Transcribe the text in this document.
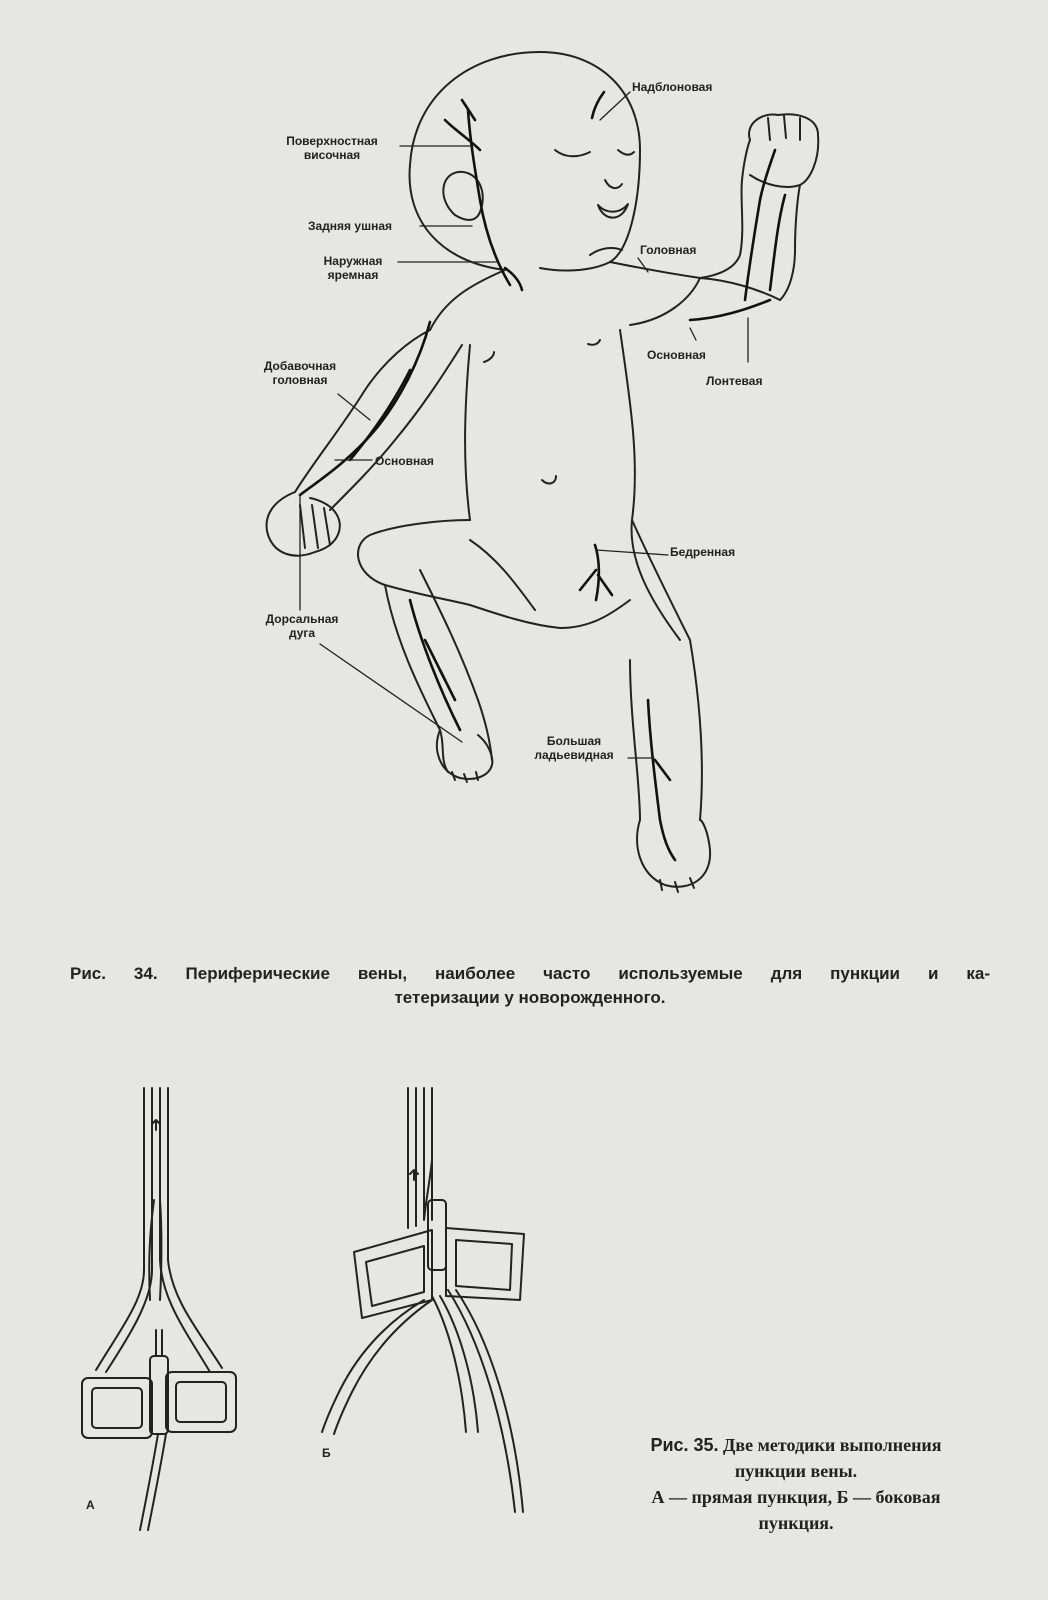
Надблоновая
Поверхностная
височная
Задняя ушная
Наружная
яремная
Головная
Добавочная
головная
Основная
Лонтевая
Основная
Бедренная
Дорсальная
дуга
Большая
ладьевидная
Рис. 34. Периферические вены, наиболее часто используемые для пункции и ка-
тетеризации у новорожденного.
А
Б	Рис. 35. Две методики выполнения
пункции вены.
А — прямая пункция, Б — боковая
пункция.
